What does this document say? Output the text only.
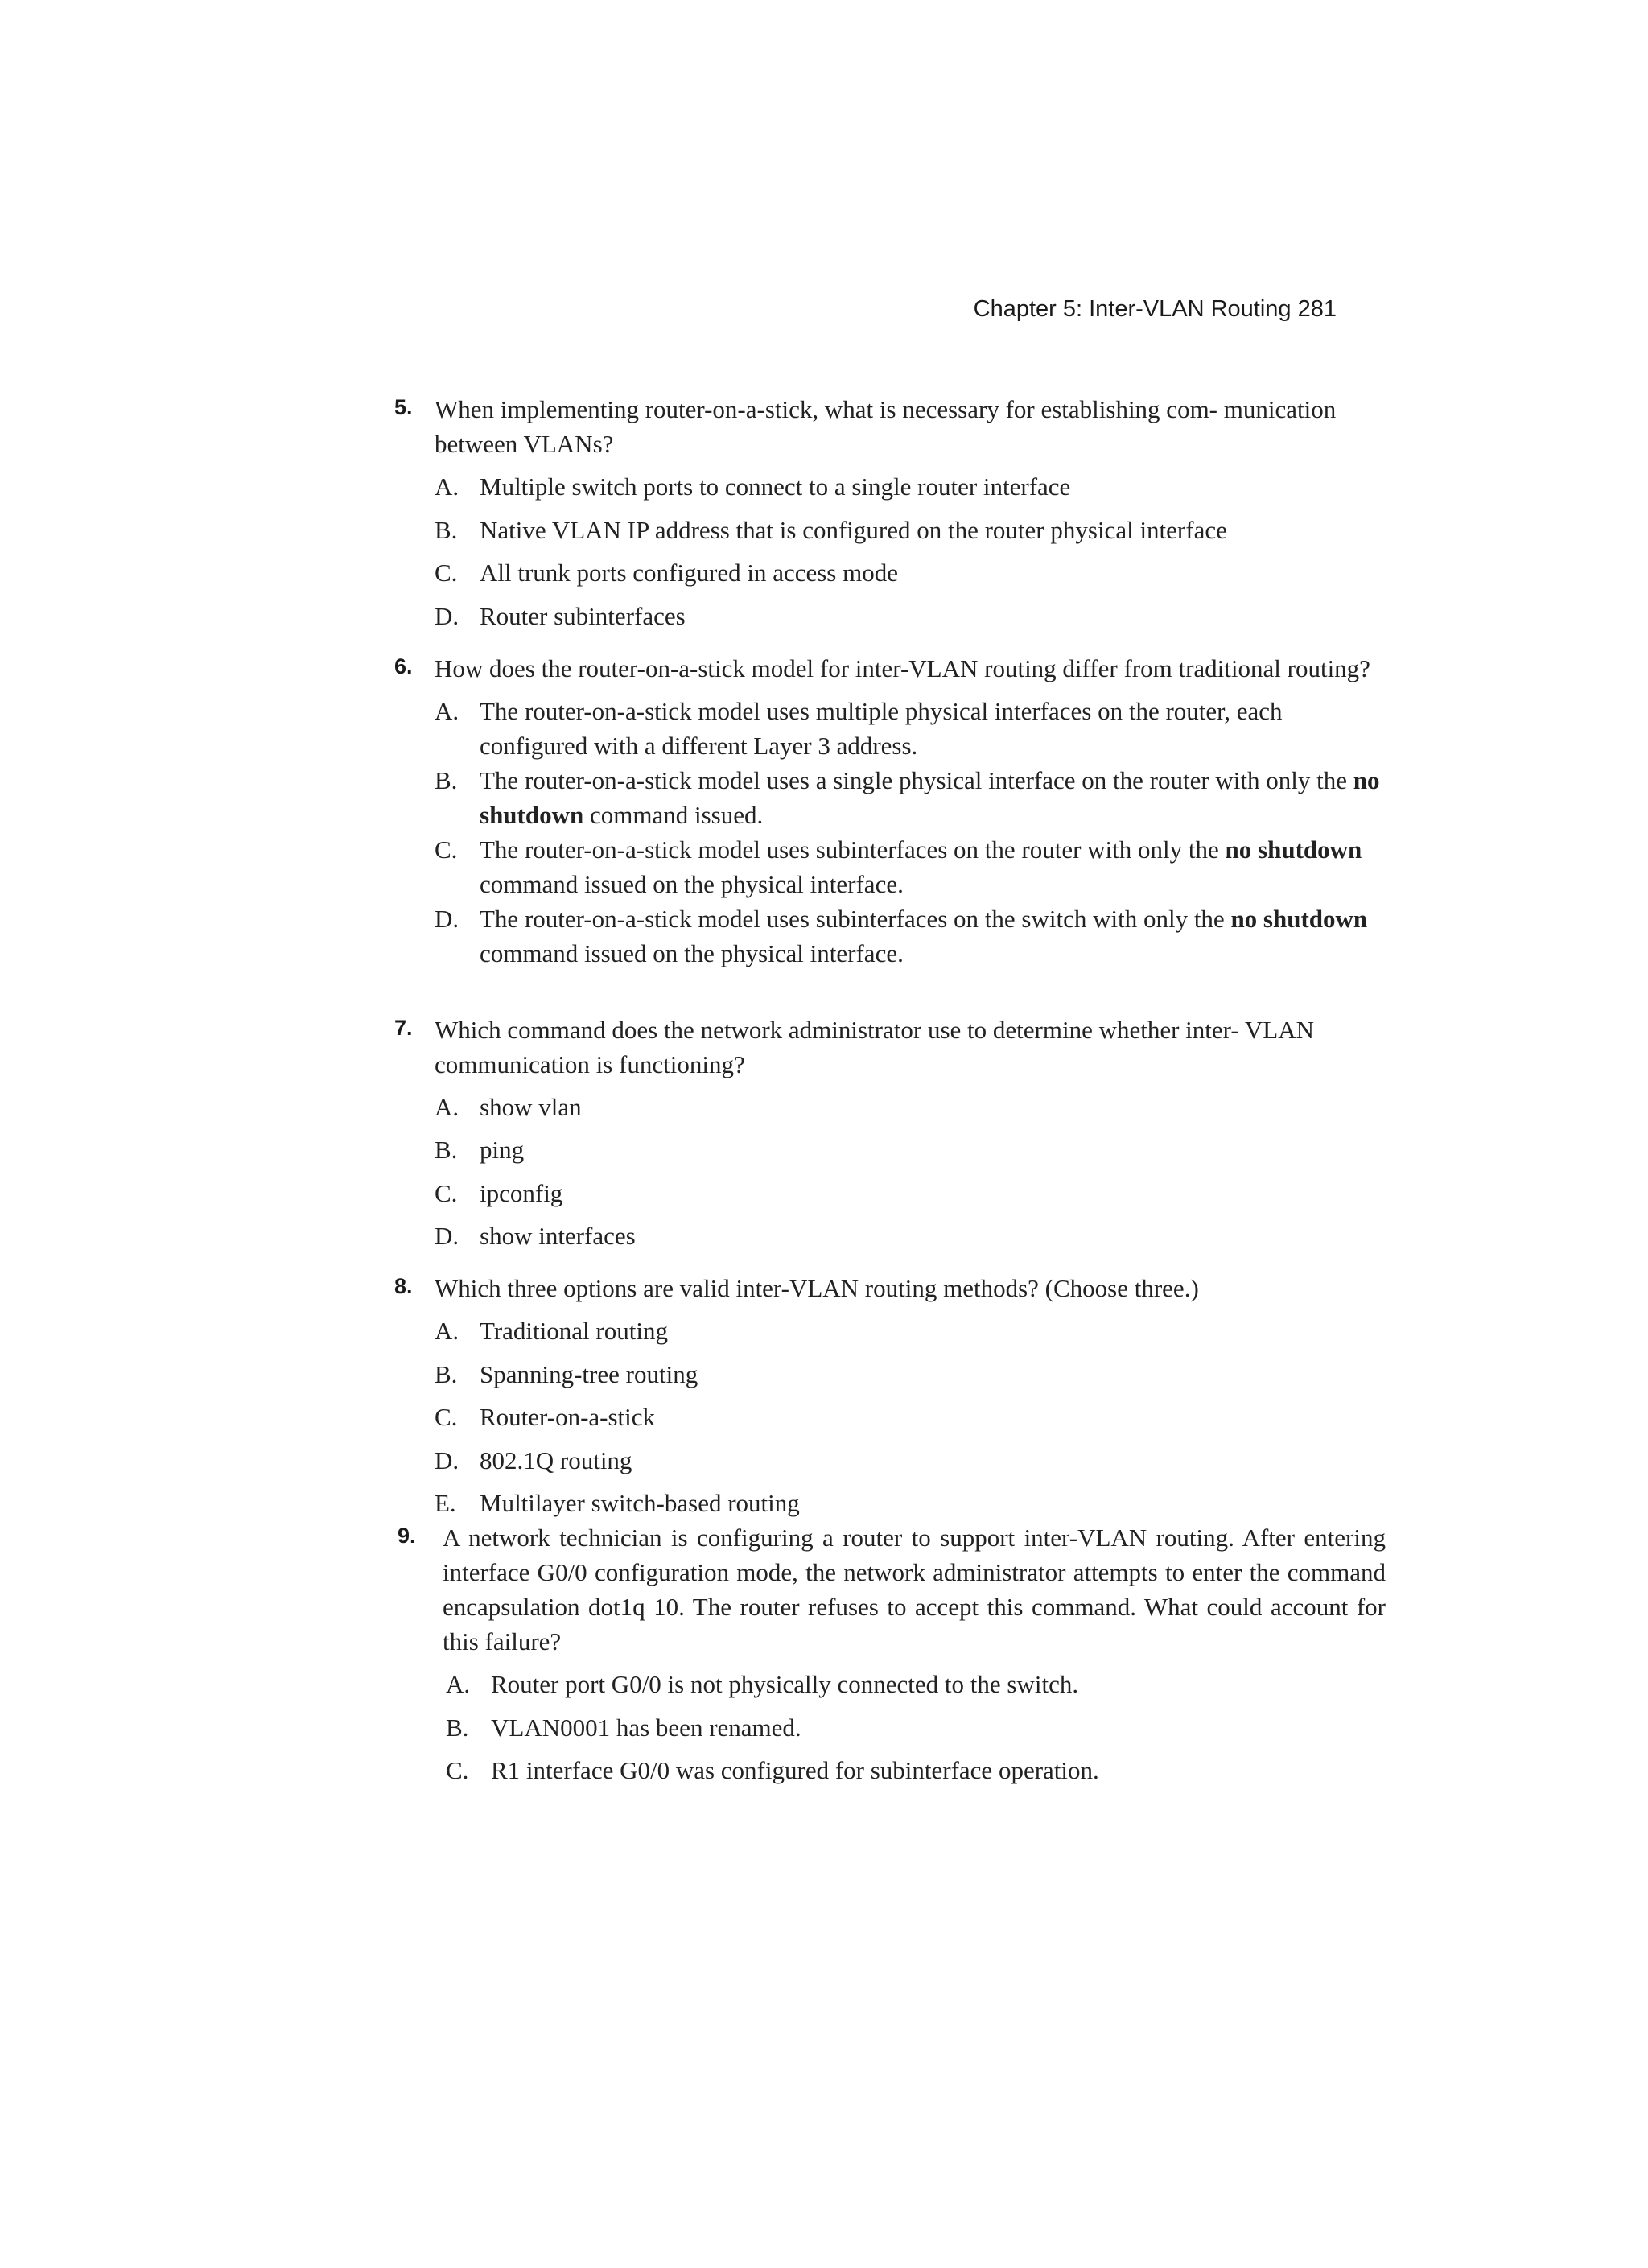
Chapter 5: Inter-VLAN Routing 281
5. When implementing router-on-a-stick, what is necessary for establishing com- munication between VLANs?

A. Multiple switch ports to connect to a single router interface
B. Native VLAN IP address that is configured on the router physical interface
C. All trunk ports configured in access mode
D. Router subinterfaces
6. How does the router-on-a-stick model for inter-VLAN routing differ from traditional routing?

A. The router-on-a-stick model uses multiple physical interfaces on the router, each configured with a different Layer 3 address.
B. The router-on-a-stick model uses a single physical interface on the router with only the no shutdown command issued.
C. The router-on-a-stick model uses subinterfaces on the router with only the no shutdown command issued on the physical interface.
D. The router-on-a-stick model uses subinterfaces on the switch with only the no shutdown command issued on the physical interface.
7. Which command does the network administrator use to determine whether inter- VLAN communication is functioning?

A. show vlan
B. ping
C. ipconfig
D. show interfaces
8. Which three options are valid inter-VLAN routing methods? (Choose three.)

A. Traditional routing
B. Spanning-tree routing
C. Router-on-a-stick
D. 802.1Q routing
E. Multilayer switch-based routing
9. A network technician is configuring a router to support inter-VLAN routing. After entering interface G0/0 configuration mode, the network administrator attempts to enter the command encapsulation dot1q 10. The router refuses to accept this command. What could account for this failure?

A. Router port G0/0 is not physically connected to the switch.
B. VLAN0001 has been renamed.
C. R1 interface G0/0 was configured for subinterface operation.
